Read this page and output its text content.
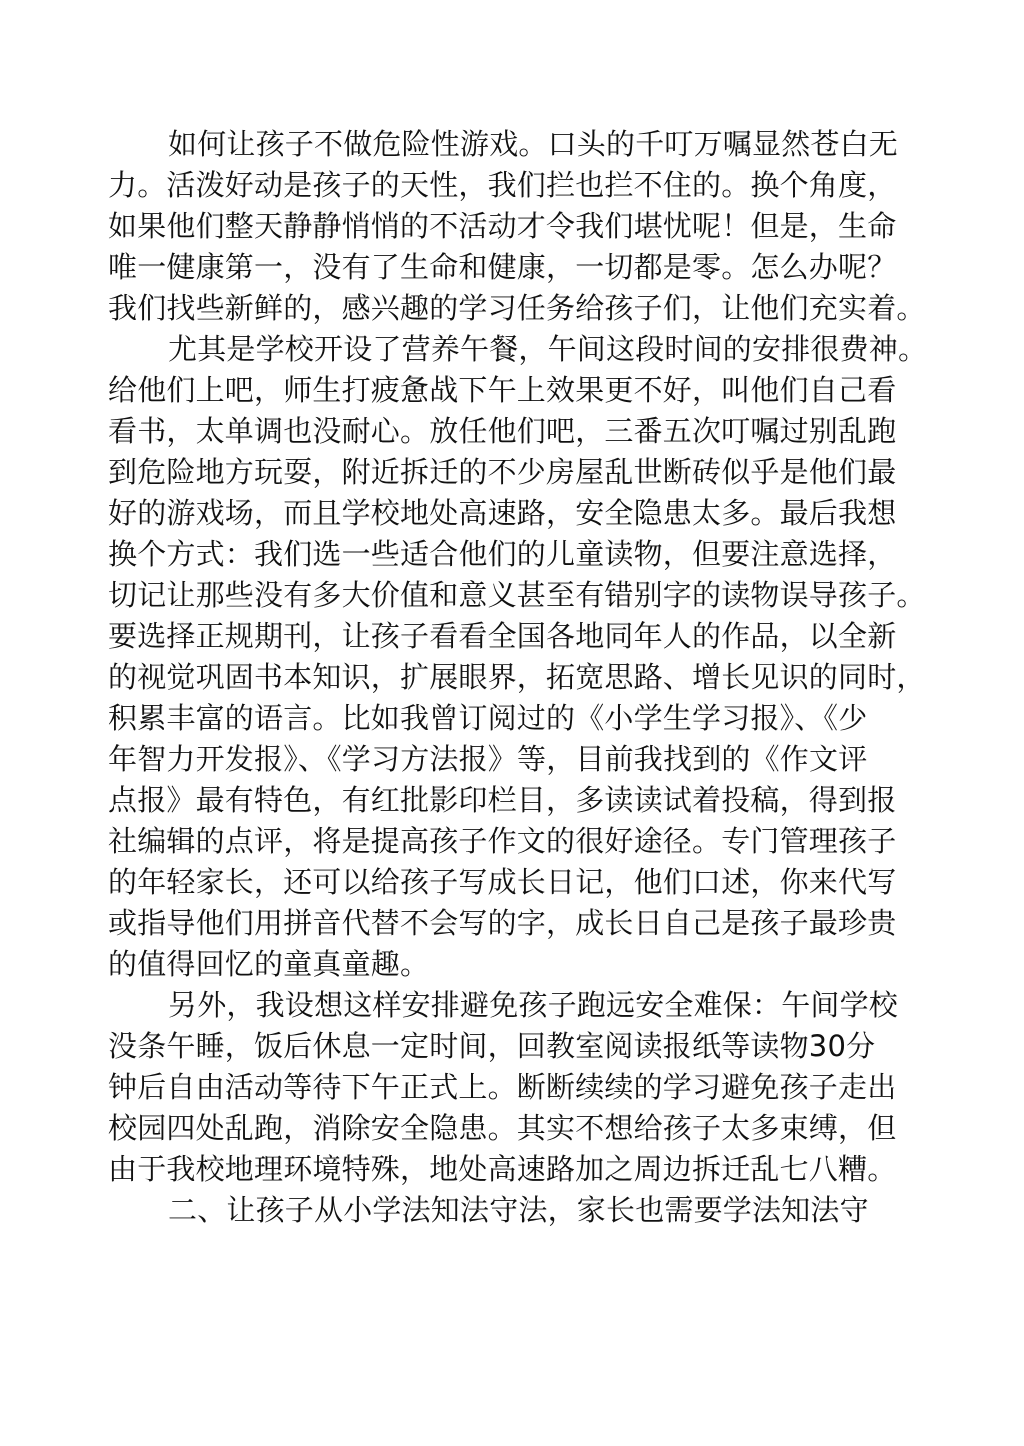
如何让孩子不做危险性游戏。口头的千叮万嘱显然苍白无
力。活泼好动是孩子的天性，我们拦也拦不住的。换个角度，
如果他们整天静静悄悄的不活动才令我们堪忧呢！但是，生命
唯一健康第一，没有了生命和健康，一切都是零。怎么办呢？
我们找些新鲜的，感兴趣的学习任务给孩子们，让他们充实着。
尤其是学校开设了营养午餐，午间这段时间的安排很费神。
给他们上吧，师生打疲惫战下午上效果更不好，叫他们自己看
看书，太单调也没耐心。放任他们吧，三番五次叮嘱过别乱跑
到危险地方玩耍，附近拆迁的不少房屋乱世断砖似乎是他们最
好的游戏场，而且学校地处高速路，安全隐患太多。最后我想
换个方式：我们选一些适合他们的儿童读物，但要注意选择，
切记让那些没有多大价值和意义甚至有错别字的读物误导孩子。
要选择正规期刊，让孩子看看全国各地同年人的作品，以全新
的视觉巩固书本知识，扩展眼界，拓宽思路、增长见识的同时，
积累丰富的语言。比如我曾订阅过的《小学生学习报》、《少
年智力开发报》、《学习方法报》等，目前我找到的《作文评
点报》最有特色，有红批影印栏目，多读读试着投稿，得到报
社编辑的点评，将是提高孩子作文的很好途径。专门管理孩子
的年轻家长，还可以给孩子写成长日记，他们口述，你来代写
或指导他们用拼音代替不会写的字，成长日自己是孩子最珍贵
的值得回忆的童真童趣。
另外，我设想这样安排避免孩子跑远安全难保：午间学校
没条午睡，饭后休息一定时间，回教室阅读报纸等读物30分
钟后自由活动等待下午正式上。断断续续的学习避免孩子走出
校园四处乱跑，消除安全隐患。其实不想给孩子太多束缚，但
由于我校地理环境特殊，地处高速路加之周边拆迁乱七八糟。
二、让孩子从小学法知法守法，家长也需要学法知法守
